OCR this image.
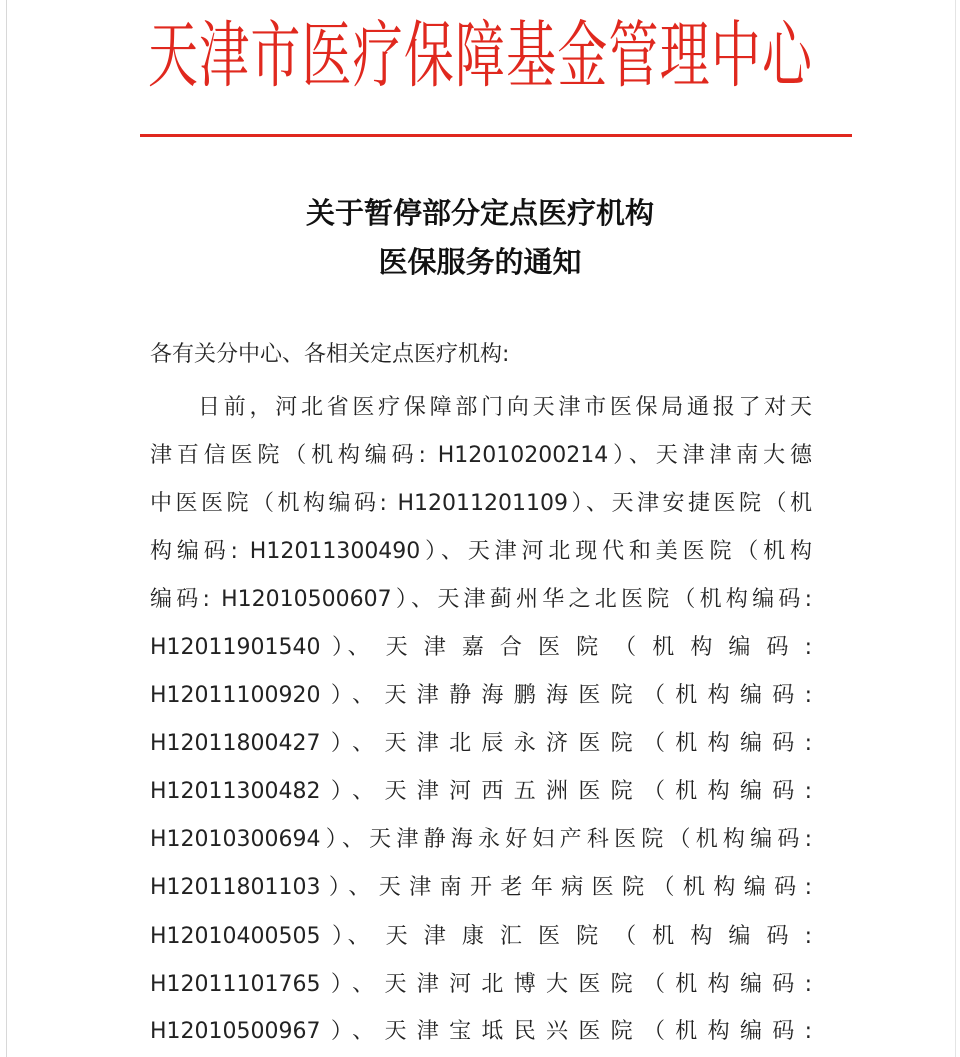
天津市医疗保障基金管理中心
关于暂停部分定点医疗机构
医保服务的通知
各有关分中心、各相关定点医疗机构:
日前，河北省医疗保障部门向天津市医保局通报了对天
津百信医院（机构编码: H12010200214）、天津津南大德
中医医院（机构编码: H12011201109）、天津安捷医院（机
构编码: H12011300490）、天津河北现代和美医院（机构
编码: H12010500607）、天津蓟州华之北医院（机构编码:
H12011901540 ）、 天 津 嘉 合 医 院 （ 机 构 编 码 :
H12011100920）、天津静海鹏海医院（机构编码:
H12011800427）、天津北辰永济医院（机构编码:
H12011300482）、天津河西五洲医院（机构编码:
H12010300694）、天津静海永好妇产科医院（机构编码:
H12011801103）、天津南开老年病医院（机构编码:
H12010400505 ）、 天 津 康 汇 医 院 （ 机 构 编 码 :
H12011101765）、天津河北博大医院（机构编码:
H12010500967）、天津宝坻民兴医院（机构编码:
